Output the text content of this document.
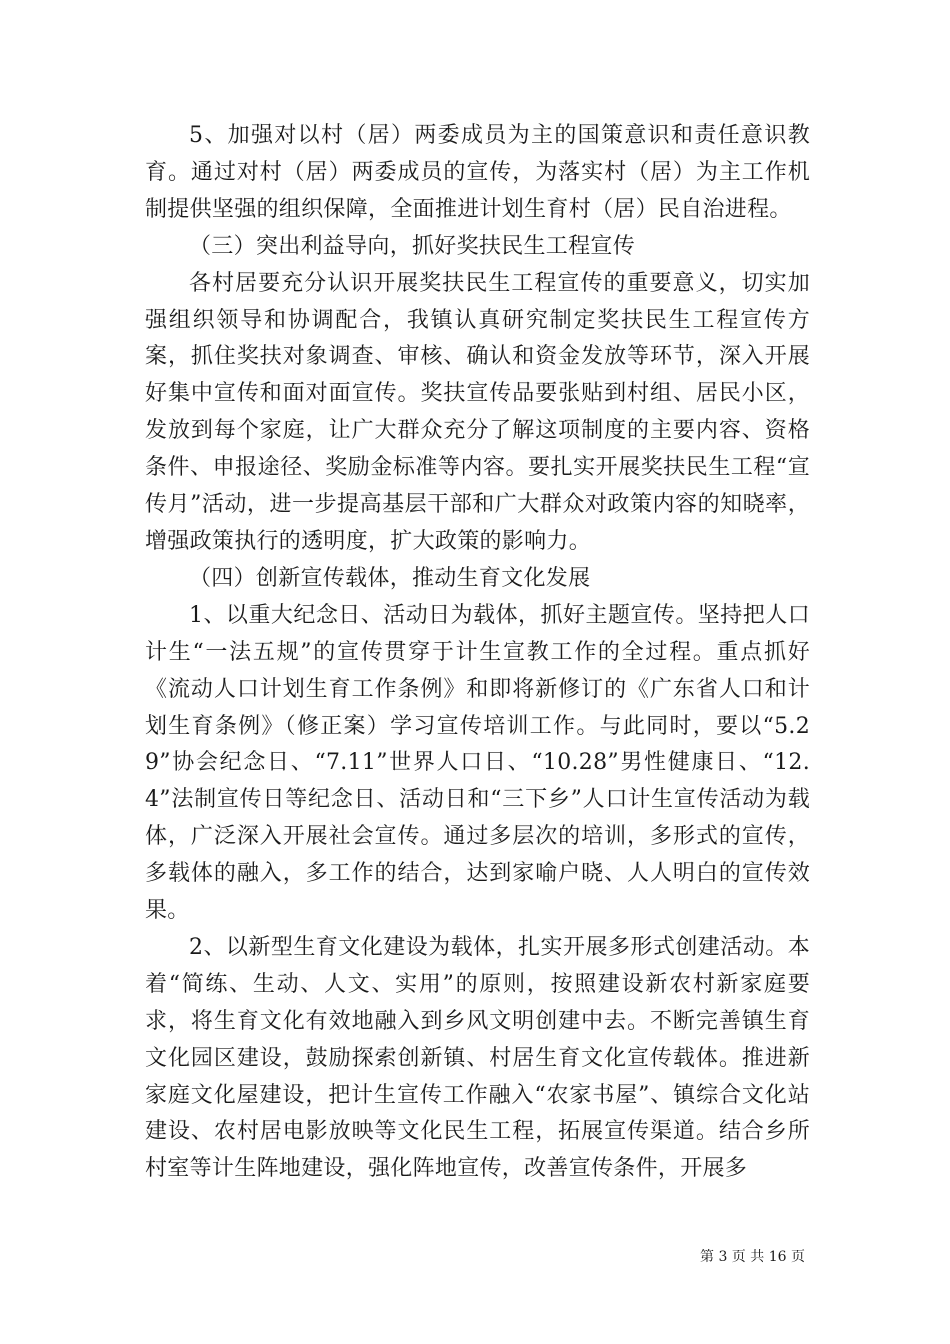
5、加强对以村（居）两委成员为主的国策意识和责任意识教育。通过对村（居）两委成员的宣传，为落实村（居）为主工作机制提供坚强的组织保障，全面推进计划生育村（居）民自治进程。

（三）突出利益导向，抓好奖扶民生工程宣传

各村居要充分认识开展奖扶民生工程宣传的重要意义，切实加强组织领导和协调配合，我镇认真研究制定奖扶民生工程宣传方案，抓住奖扶对象调查、审核、确认和资金发放等环节，深入开展好集中宣传和面对面宣传。奖扶宣传品要张贴到村组、居民小区，发放到每个家庭，让广大群众充分了解这项制度的主要内容、资格条件、申报途径、奖励金标准等内容。要扎实开展奖扶民生工程“宣传月”活动，进一步提高基层干部和广大群众对政策内容的知晓率，增强政策执行的透明度，扩大政策的影响力。

（四）创新宣传载体，推动生育文化发展

1、以重大纪念日、活动日为载体，抓好主题宣传。坚持把人口计生“一法五规”的宣传贯穿于计生宣教工作的全过程。重点抓好《流动人口计划生育工作条例》和即将新修订的《广东省人口和计划生育条例》（修正案）学习宣传培训工作。与此同时，要以“5.29”协会纪念日、“7.11”世界人口日、“10.28”男性健康日、“12.4”法制宣传日等纪念日、活动日和“三下乡”人口计生宣传活动为载体，广泛深入开展社会宣传。通过多层次的培训，多形式的宣传，多载体的融入，多工作的结合，达到家喻户晓、人人明白的宣传效果。

2、以新型生育文化建设为载体，扎实开展多形式创建活动。本着“简练、生动、人文、实用”的原则，按照建设新农村新家庭要求，将生育文化有效地融入到乡风文明创建中去。不断完善镇生育文化园区建设，鼓励探索创新镇、村居生育文化宣传载体。推进新家庭文化屋建设，把计生宣传工作融入“农家书屋”、镇综合文化站建设、农村居电影放映等文化民生工程，拓展宣传渠道。结合乡所村室等计生阵地建设，强化阵地宣传，改善宣传条件，开展多

第 3 页 共 16 页
